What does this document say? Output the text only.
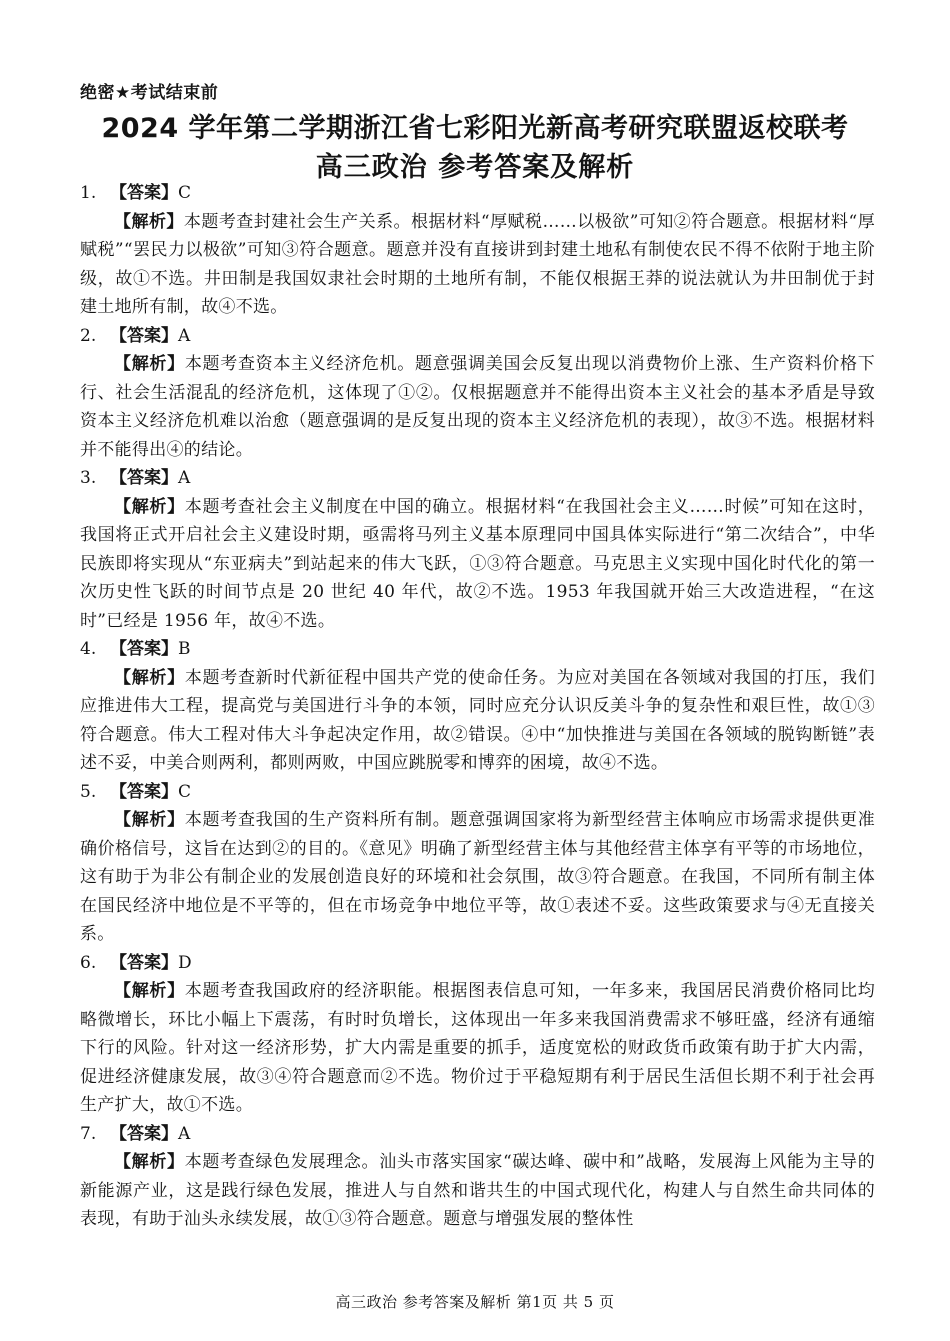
绝密★考试结束前
2024 学年第二学期浙江省七彩阳光新高考研究联盟返校联考
高三政治 参考答案及解析
1. 【答案】C
【解析】本题考查封建社会生产关系。根据材料“厚赋税……以极欲”可知②符合题意。根据材料“厚赋税”“罢民力以极欲”可知③符合题意。题意并没有直接讲到封建土地私有制使农民不得不依附于地主阶级，故①不选。井田制是我国奴隶社会时期的土地所有制，不能仅根据王莽的说法就认为井田制优于封建土地所有制，故④不选。
2. 【答案】A
【解析】本题考查资本主义经济危机。题意强调美国会反复出现以消费物价上涨、生产资料价格下行、社会生活混乱的经济危机，这体现了①②。仅根据题意并不能得出资本主义社会的基本矛盾是导致资本主义经济危机难以治愈（题意强调的是反复出现的资本主义经济危机的表现），故③不选。根据材料并不能得出④的结论。
3. 【答案】A
【解析】本题考查社会主义制度在中国的确立。根据材料“在我国社会主义……时候”可知在这时，我国将正式开启社会主义建设时期，亟需将马列主义基本原理同中国具体实际进行“第二次结合”，中华民族即将实现从“东亚病夫”到站起来的伟大飞跃，①③符合题意。马克思主义实现中国化时代化的第一次历史性飞跃的时间节点是 20 世纪 40 年代，故②不选。1953 年我国就开始三大改造进程，“在这时”已经是 1956 年，故④不选。
4. 【答案】B
【解析】本题考查新时代新征程中国共产党的使命任务。为应对美国在各领域对我国的打压，我们应推进伟大工程，提高党与美国进行斗争的本领，同时应充分认识反美斗争的复杂性和艰巨性，故①③符合题意。伟大工程对伟大斗争起决定作用，故②错误。④中“加快推进与美国在各领域的脱钩断链”表述不妥，中美合则两利，都则两败，中国应跳脱零和博弈的困境，故④不选。
5. 【答案】C
【解析】本题考查我国的生产资料所有制。题意强调国家将为新型经营主体响应市场需求提供更准确价格信号，这旨在达到②的目的。《意见》明确了新型经营主体与其他经营主体享有平等的市场地位，这有助于为非公有制企业的发展创造良好的环境和社会氛围，故③符合题意。在我国，不同所有制主体在国民经济中地位是不平等的，但在市场竞争中地位平等，故①表述不妥。这些政策要求与④无直接关系。
6. 【答案】D
【解析】本题考查我国政府的经济职能。根据图表信息可知，一年多来，我国居民消费价格同比均略微增长，环比小幅上下震荡，有时时负增长，这体现出一年多来我国消费需求不够旺盛，经济有通缩下行的风险。针对这一经济形势，扩大内需是重要的抓手，适度宽松的财政货币政策有助于扩大内需，促进经济健康发展，故③④符合题意而②不选。物价过于平稳短期有利于居民生活但长期不利于社会再生产扩大，故①不选。
7. 【答案】A
【解析】本题考查绿色发展理念。汕头市落实国家“碳达峰、碳中和”战略，发展海上风能为主导的新能源产业，这是践行绿色发展，推进人与自然和谐共生的中国式现代化，构建人与自然生命共同体的表现，有助于汕头永续发展，故①③符合题意。题意与增强发展的整体性
高三政治 参考答案及解析 第1页 共 5 页
